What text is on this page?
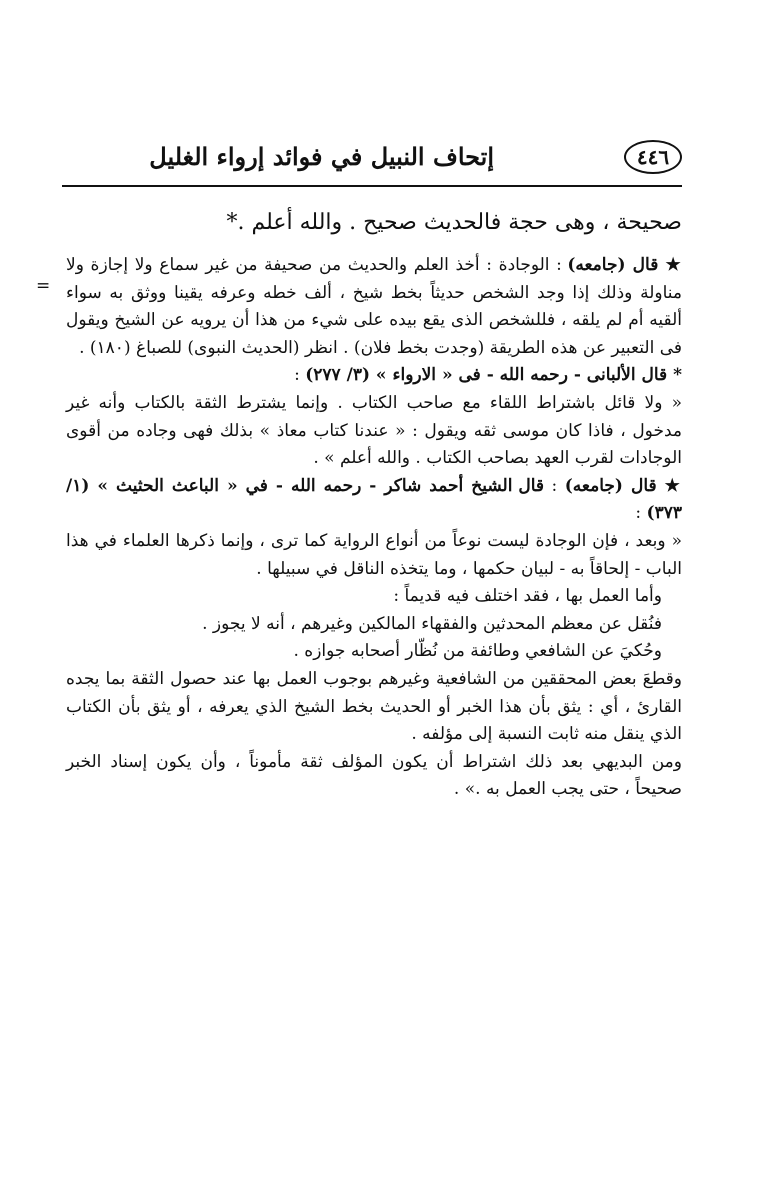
٤٤٦
إتحاف النبيل في فوائد إرواء الغليل
=

صحيحة ، وهى حجة فالحديث صحيح . والله أعلم .*

★ قال (جامعه) : الوجادة : أخذ العلم والحديث من صحيفة من غير سماع ولا إجازة ولا مناولة وذلك إذا وجد الشخص حديثاً بخط شيخ ، ألف خطه وعرفه يقينا ووثق به سواء ألقيه أم لم يلقه ، فللشخص الذى يقع بيده على شيء من هذا أن يرويه عن الشيخ ويقول فى التعبير عن هذه الطريقة (وجدت بخط فلان) . انظر (الحديث النبوى) للصباغ (١٨٠) .

* قال الألبانى - رحمه الله - فى « الارواء » (٣/ ٢٧٧) :

« ولا قائل باشتراط اللقاء مع صاحب الكتاب . وإنما يشترط الثقة بالكتاب وأنه غير مدخول ، فاذا كان موسى ثقه ويقول : « عندنا كتاب معاذ » بذلك فهى وجاده من أقوى الوجادات لقرب العهد بصاحب الكتاب . والله أعلم » .

★ قال (جامعه) : قال الشيخ أحمد شاكر - رحمه الله - في « الباعث الحثيث » (١/ ٣٧٣) :

« وبعد ، فإن الوجادة ليست نوعاً من أنواع الرواية كما ترى ، وإنما ذكرها العلماء في هذا الباب - إلحاقاً به - لبيان حكمها ، وما يتخذه الناقل في سبيلها .

وأما العمل بها ، فقد اختلف فيه قديماً :

فنُقل عن معظم المحدثين والفقهاء المالكين وغيرهم ، أنه لا يجوز .

وحُكيَ عن الشافعي وطائفة من نُظّار أصحابه جوازه .

وقطعَ بعض المحققين من الشافعية وغيرهم بوجوب العمل بها عند حصول الثقة بما يجده القارئ ، أي : يثق بأن هذا الخبر أو الحديث بخط الشيخ الذي يعرفه ، أو يثق بأن الكتاب الذي ينقل منه ثابت النسبة إلى مؤلفه .

ومن البديهي بعد ذلك اشتراط أن يكون المؤلف ثقة مأموناً ، وأن يكون إسناد الخبر صحيحاً ، حتى يجب العمل به .» .
